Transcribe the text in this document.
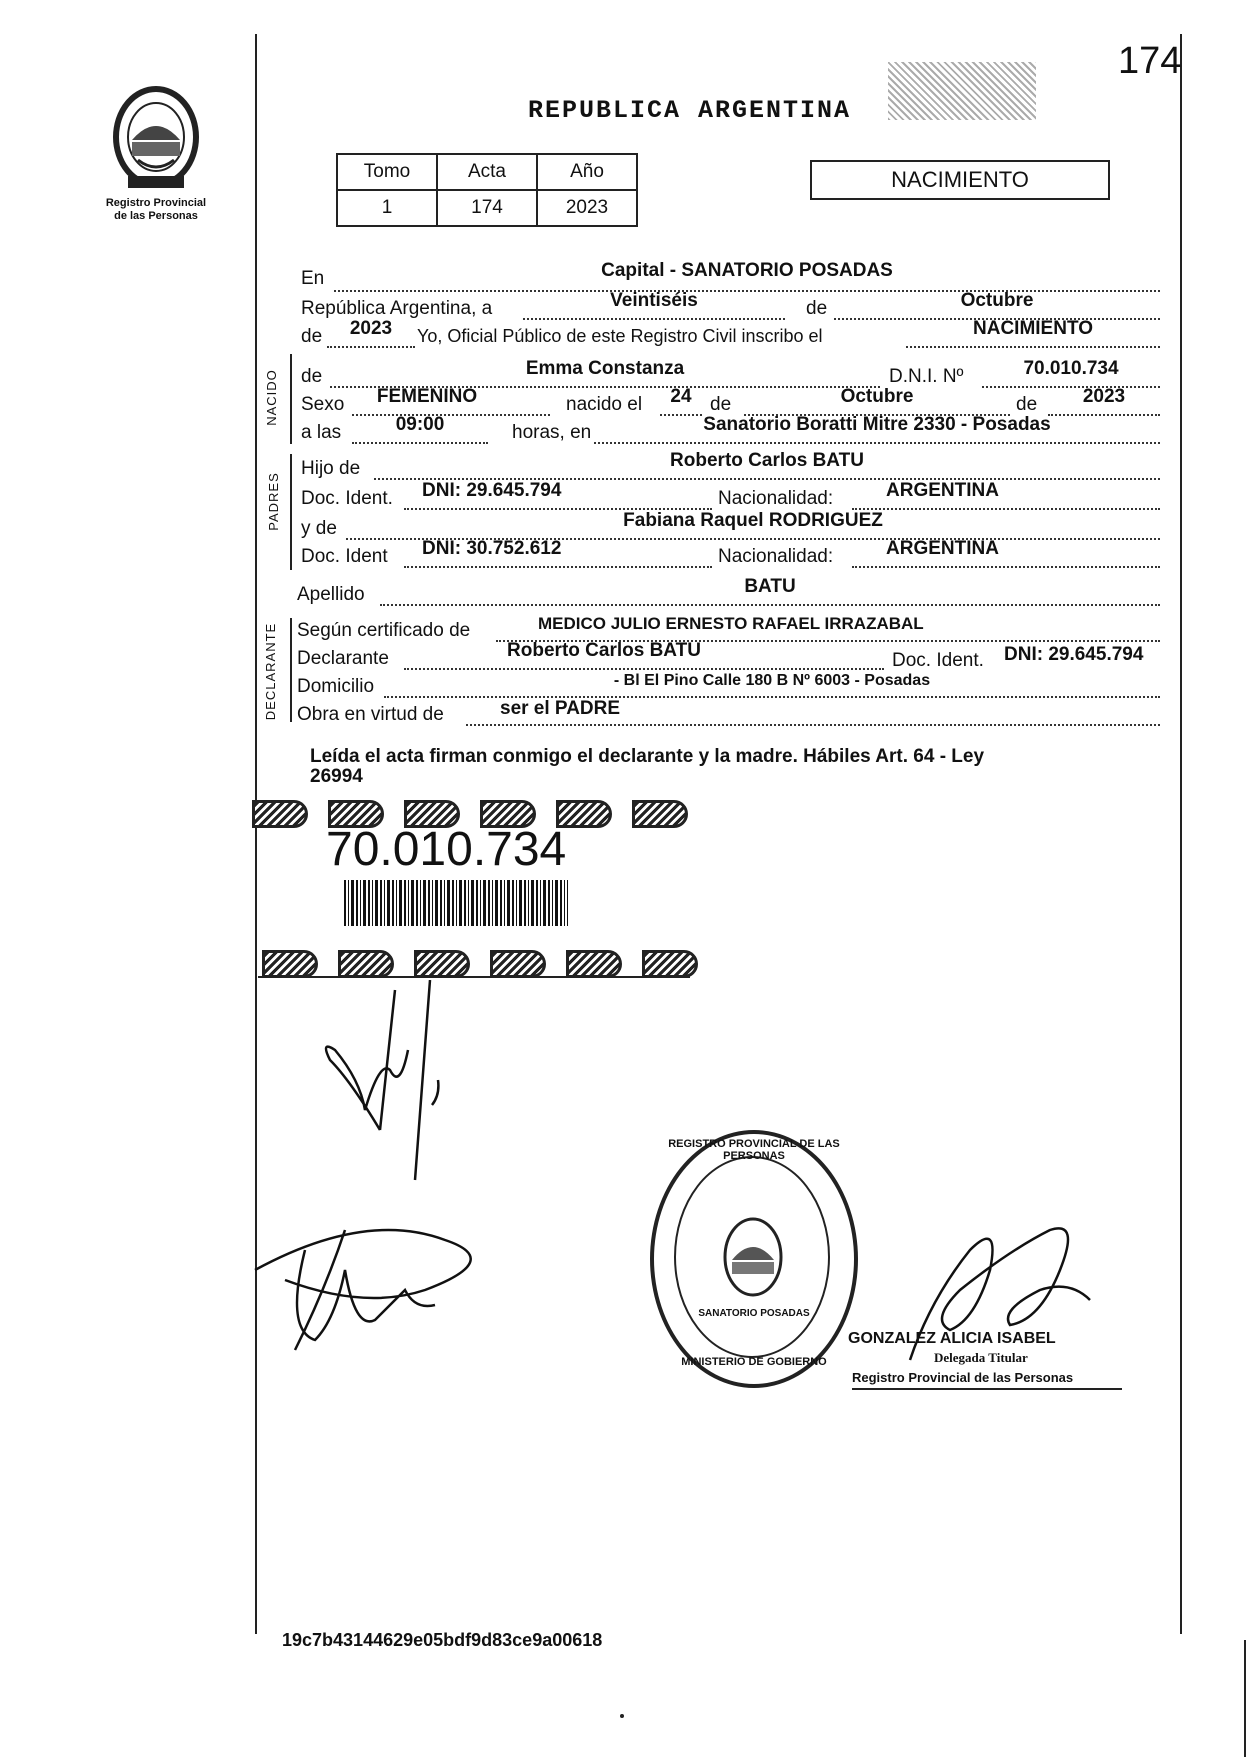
174
Registro Provincial
de las Personas
REPUBLICA ARGENTINA
Tomo	Acta	Año
1	174	2023
NACIMIENTO
En	Capital - SANATORIO POSADAS
República Argentina, a	Veintiséis	de	Octubre
de	2023	Yo, Oficial Público de este Registro Civil inscribo el	NACIMIENTO
NACIDO de	Emma Constanza	D.N.I. Nº	70.010.734
Sexo	FEMENINO	nacido el	24 de	Octubre	de	2023
a las	09:00	horas, en	Sanatorio Boratti Mitre 2330 - Posadas
PADRES
Hijo de	Roberto Carlos BATU
Doc. Ident. DNI: 29.645.794	Nacionalidad:	ARGENTINA
y de	Fabiana Raquel RODRIGUEZ
Doc. Ident DNI: 30.752.612	Nacionalidad:	ARGENTINA
Apellido	BATU
DECLARANTE Según certificado de	MEDICO JULIO ERNESTO RAFAEL IRRAZABAL
Declarante	Roberto Carlos BATU	Doc. Ident. DNI: 29.645.794
Domicilio	- Bl El Pino Calle 180 B Nº 6003 - Posadas
Obra en virtud de	ser el PADRE
Leída el acta firman conmigo el declarante y la madre. Hábiles Art. 64 - Ley
26994
70.010.734
REGISTRO PROVINCIAL DE LAS PERSONAS
SANATORIO POSADAS
MINISTERIO DE GOBIERNO
GONZALEZ ALICIA ISABEL
Delegada Titular
Registro Provincial de las Personas
19c7b43144629e05bdf9d83ce9a00618
